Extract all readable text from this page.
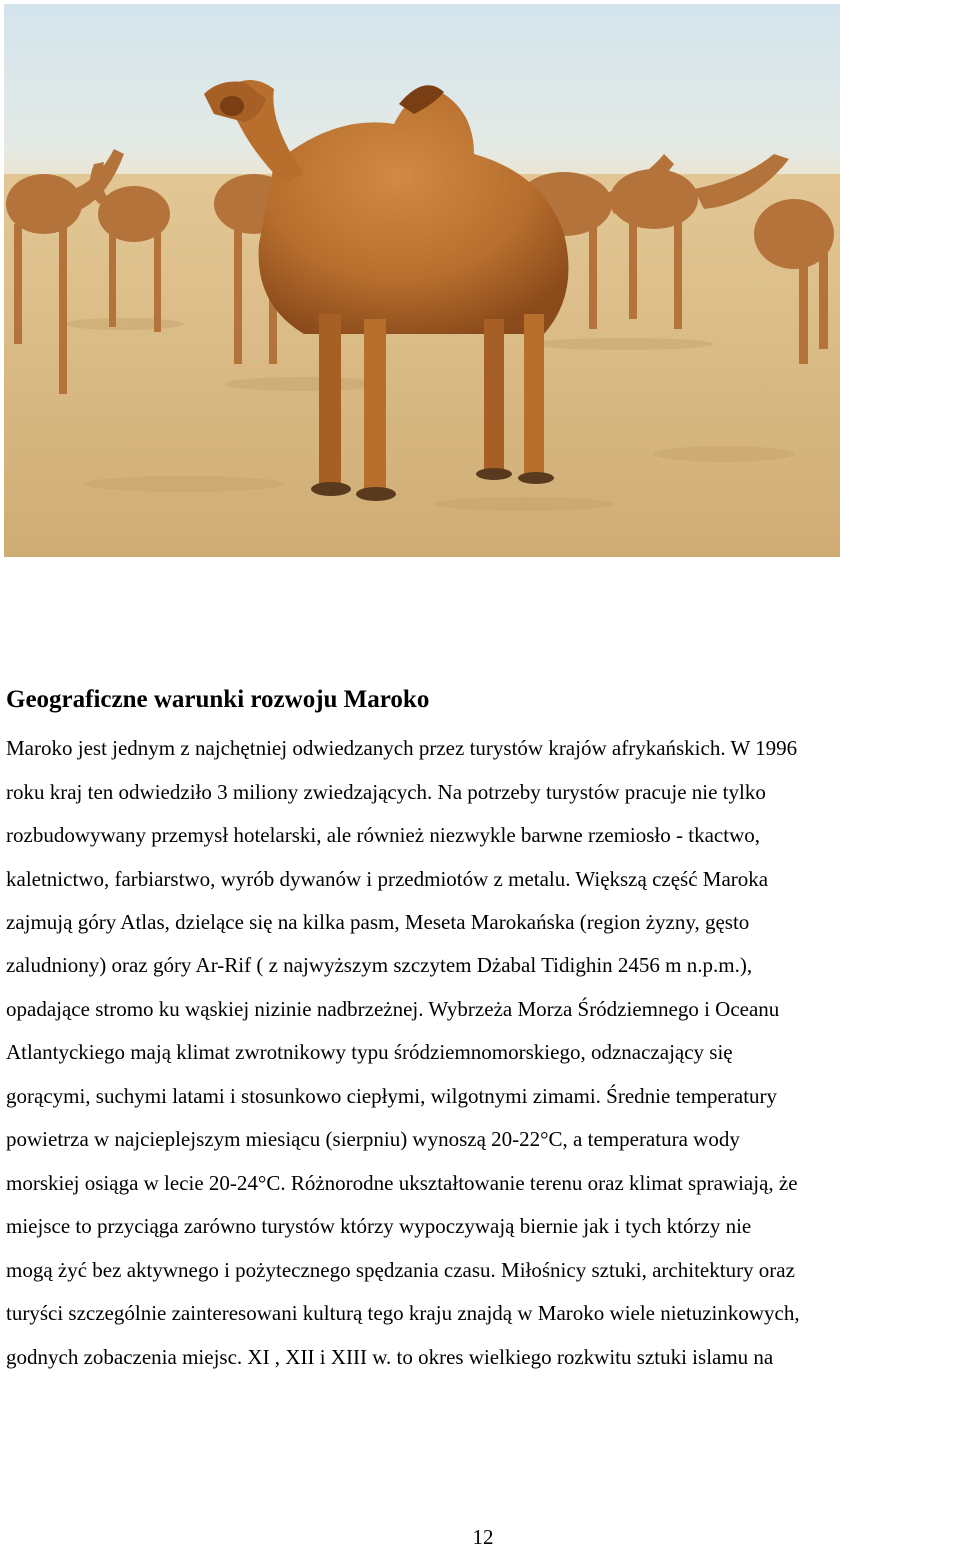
Geograficzne warunki rozwoju Maroko

Maroko jest jednym z najchętniej odwiedzanych przez turystów krajów afrykańskich. W 1996

roku kraj ten odwiedziło 3 miliony zwiedzających. Na potrzeby turystów pracuje nie tylko

rozbudowywany przemysł hotelarski, ale również niezwykle barwne rzemiosło - tkactwo,

kaletnictwo, farbiarstwo, wyrób dywanów i przedmiotów z metalu. Większą część Maroka

zajmują góry Atlas, dzielące się na kilka pasm, Meseta Marokańska (region żyzny, gęsto

zaludniony) oraz góry Ar-Rif ( z najwyższym szczytem Dżabal Tidighin 2456 m n.p.m.),

opadające stromo ku wąskiej nizinie nadbrzeżnej. Wybrzeża Morza Śródziemnego i Oceanu

Atlantyckiego mają klimat zwrotnikowy typu śródziemnomorskiego, odznaczający się

gorącymi, suchymi latami i stosunkowo ciepłymi, wilgotnymi zimami. Średnie temperatury

powietrza w najcieplejszym miesiącu (sierpniu) wynoszą 20-22°C, a temperatura wody

morskiej osiąga w lecie 20-24°C. Różnorodne ukształtowanie terenu oraz klimat sprawiają, że

miejsce to przyciąga zarówno turystów którzy wypoczywają biernie jak i tych którzy nie

mogą żyć bez aktywnego i pożytecznego spędzania czasu. Miłośnicy sztuki, architektury oraz

turyści szczególnie zainteresowani kulturą tego kraju znajdą w Maroko wiele nietuzinkowych,

godnych zobaczenia miejsc. XI , XII i XIII w. to okres wielkiego rozkwitu sztuki islamu na

12
